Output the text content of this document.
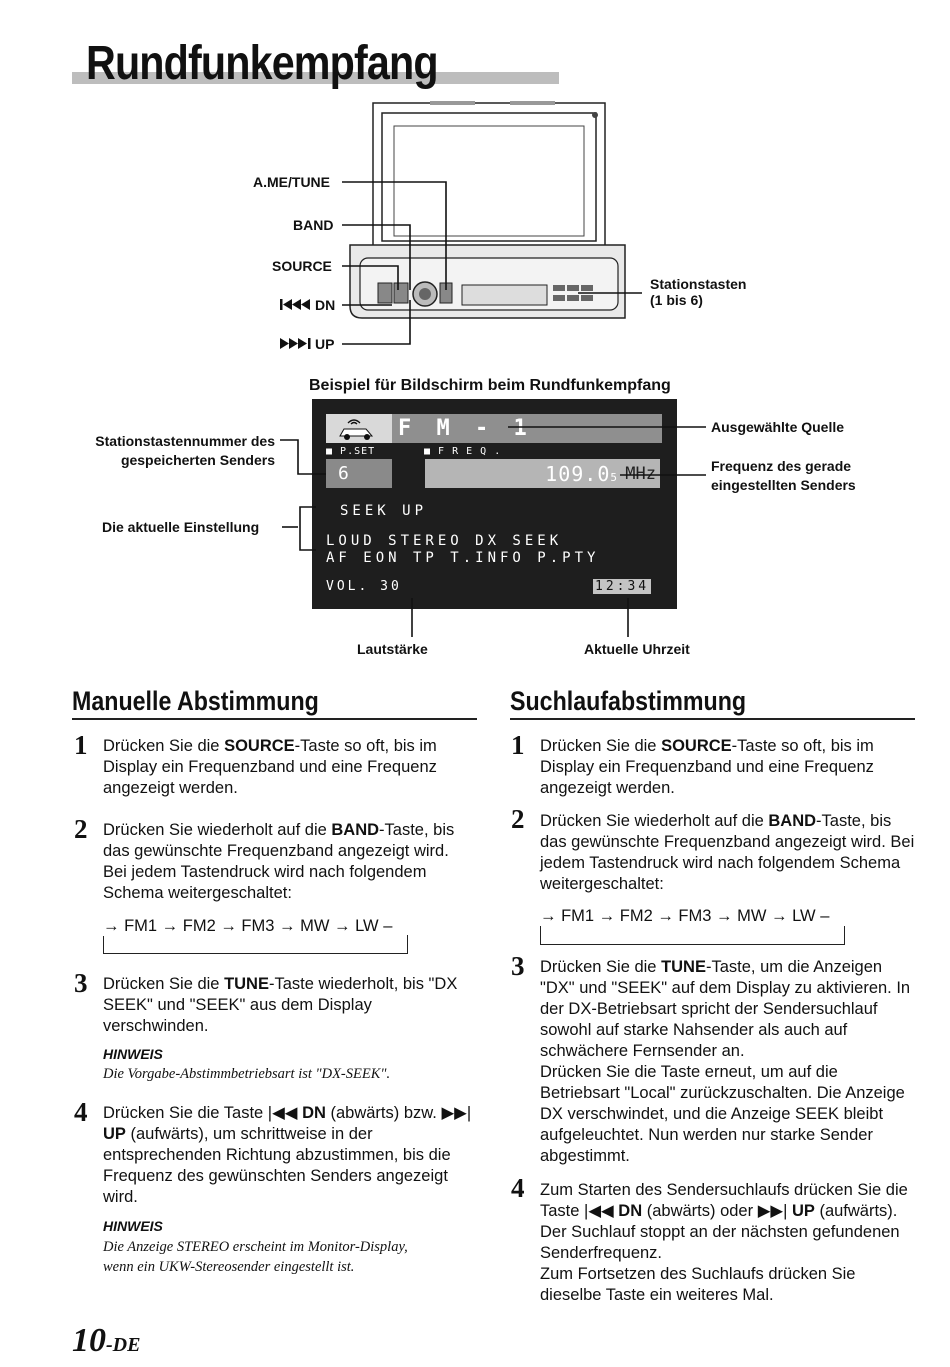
Rundfunkempfang
A.ME/TUNE
BAND
SOURCE
DN
UP
Stationstasten
(1 bis 6)
Beispiel für Bildschirm beim Rundfunkempfang
F M - 1
■ P.SET	■ F R E Q .
6	109.05 MHz
SEEK UP
LOUD STEREO DX SEEK
AF EON TP T.INFO P.PTY
VOL. 30	12:34
Stationstastennummer des
gespeicherten Senders
Die aktuelle Einstellung
Ausgewählte Quelle
Frequenz des gerade
eingestellten Senders
Lautstärke	Aktuelle Uhrzeit
Manuelle Abstimmung
1 Drücken Sie die SOURCE-Taste so oft, bis im Display ein Frequenzband und eine Frequenz angezeigt werden.
2 Drücken Sie wiederholt auf die BAND-Taste, bis das gewünschte Frequenzband angezeigt wird. Bei jedem Tastendruck wird nach folgendem Schema weitergeschaltet:
→ FM1 → FM2 → FM3 → MW → LW –
3 Drücken Sie die TUNE-Taste wiederholt, bis "DX SEEK" und "SEEK" aus dem Display verschwinden.
HINWEIS
Die Vorgabe-Abstimmbetriebsart ist "DX-SEEK".
4 Drücken Sie die Taste |◀◀ DN (abwärts) bzw. ▶▶| UP (aufwärts), um schrittweise in der entsprechenden Richtung abzustimmen, bis die Frequenz des gewünschten Senders angezeigt wird.
HINWEIS
Die Anzeige STEREO erscheint im Monitor-Display,
wenn ein UKW-Stereosender eingestellt ist.
Suchlaufabstimmung
1 Drücken Sie die SOURCE-Taste so oft, bis im Display ein Frequenzband und eine Frequenz angezeigt werden.
2 Drücken Sie wiederholt auf die BAND-Taste, bis das gewünschte Frequenzband angezeigt wird. Bei jedem Tastendruck wird nach folgendem Schema weitergeschaltet:
→ FM1 → FM2 → FM3 → MW → LW –
3 Drücken Sie die TUNE-Taste, um die Anzeigen "DX" und "SEEK" auf dem Display zu aktivieren. In der DX-Betriebsart spricht der Sendersuchlauf sowohl auf starke Nahsender als auch auf schwächere Fernsender an.
Drücken Sie die Taste erneut, um auf die Betriebsart "Local" zurückzuschalten. Die Anzeige DX verschwindet, und die Anzeige SEEK bleibt aufgeleuchtet. Nun werden nur starke Sender abgestimmt.
4 Zum Starten des Sendersuchlaufs drücken Sie die Taste |◀◀ DN (abwärts) oder ▶▶| UP (aufwärts).
Der Suchlauf stoppt an der nächsten gefundenen Senderfrequenz.
Zum Fortsetzen des Suchlaufs drücken Sie dieselbe Taste ein weiteres Mal.
10-DE
